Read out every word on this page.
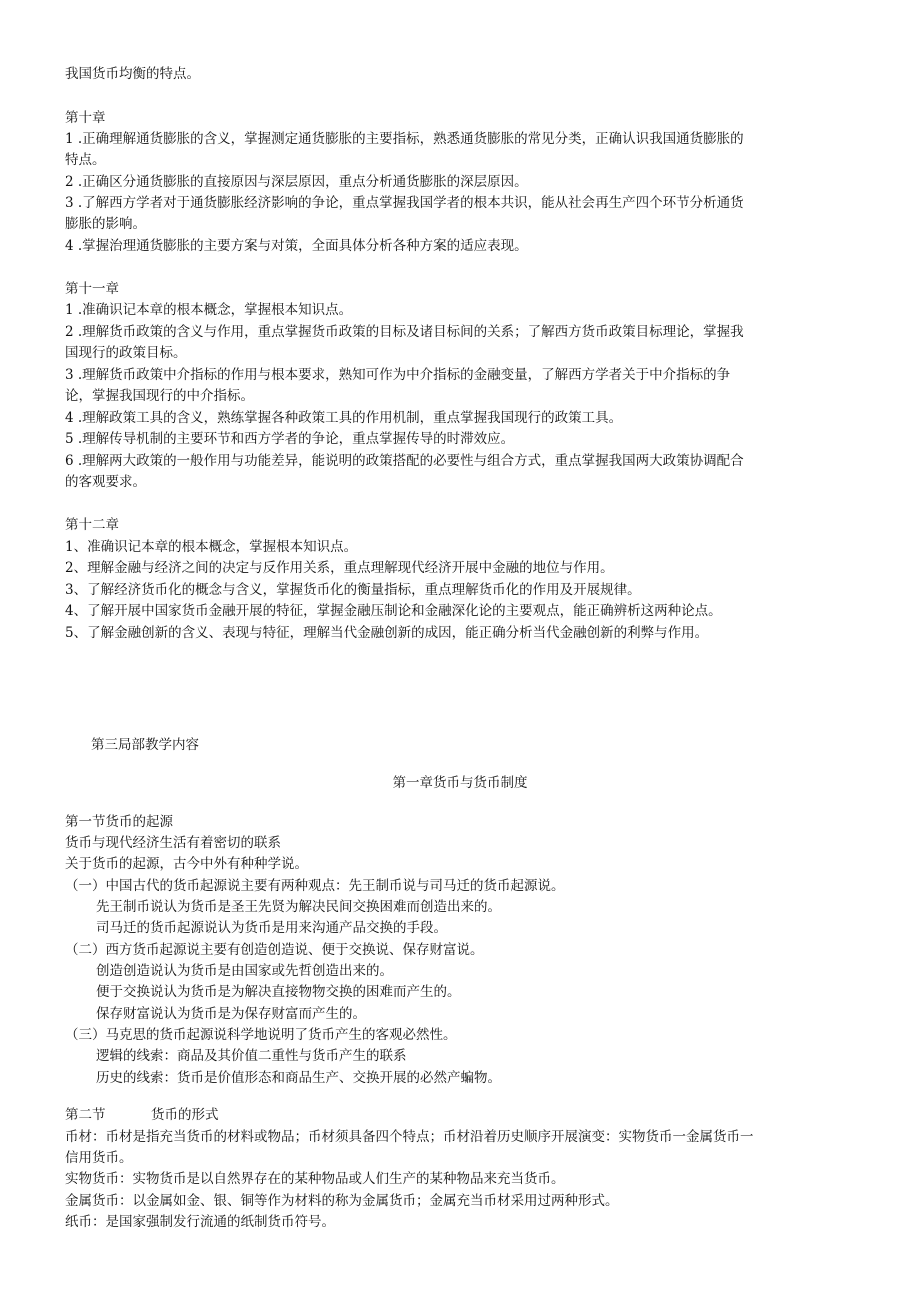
我国货币均衡的特点。
第十章
1 .正确理解通货膨胀的含义，掌握测定通货膨胀的主要指标，熟悉通货膨胀的常见分类，正确认识我国通货膨胀的
特点。
2 .正确区分通货膨胀的直接原因与深层原因，重点分析通货膨胀的深层原因。
3 .了解西方学者对于通货膨胀经济影响的争论，重点掌握我国学者的根本共识，能从社会再生产四个环节分析通货
膨胀的影响。
4 .掌握治理通货膨胀的主要方案与对策，全面具体分析各种方案的适应表现。
第十一章
1 .准确识记本章的根本概念，掌握根本知识点。
2 .理解货币政策的含义与作用，重点掌握货币政策的目标及诸目标间的关系；了解西方货币政策目标理论，掌握我
国现行的政策目标。
3 .理解货币政策中介指标的作用与根本要求，熟知可作为中介指标的金融变量，了解西方学者关于中介指标的争
论，掌握我国现行的中介指标。
4 .理解政策工具的含义，熟练掌握各种政策工具的作用机制，重点掌握我国现行的政策工具。
5 .理解传导机制的主要环节和西方学者的争论，重点掌握传导的时滞效应。
6 .理解两大政策的一般作用与功能差异，能说明的政策搭配的必要性与组合方式，重点掌握我国两大政策协调配合
的客观要求。
第十二章
1、准确识记本章的根本概念，掌握根本知识点。
2、理解金融与经济之间的决定与反作用关系，重点理解现代经济开展中金融的地位与作用。
3、了解经济货币化的概念与含义，掌握货币化的衡量指标，重点理解货币化的作用及开展规律。
4、了解开展中国家货币金融开展的特征，掌握金融压制论和金融深化论的主要观点，能正确辨析这两种论点。
5、了解金融创新的含义、表现与特征，理解当代金融创新的成因，能正确分析当代金融创新的利弊与作用。
第三局部教学内容
第一章货币与货币制度
第一节货币的起源
货币与现代经济生活有着密切的联系
关于货币的起源，古今中外有种种学说。
（一）中国古代的货币起源说主要有两种观点：先王制币说与司马迁的货币起源说。
先王制币说认为货币是圣王先贤为解决民间交换困难而创造出来的。
司马迁的货币起源说认为货币是用来沟通产品交换的手段。
（二）西方货币起源说主要有创造创造说、便于交换说、保存财富说。
创造创造说认为货币是由国家或先哲创造出来的。
便于交换说认为货币是为解决直接物物交换的困难而产生的。
保存财富说认为货币是为保存财富而产生的。
（三）马克思的货币起源说科学地说明了货币产生的客观必然性。
逻辑的线索：商品及其价值二重性与货币产生的联系
历史的线索：货币是价值形态和商品生产、交换开展的必然产蝙物。
第二节	货币的形式
币材：币材是指充当货币的材料或物品；币材须具备四个特点；币材沿着历史顺序开展演变：实物货币一金属货币一
信用货币。
实物货币：实物货币是以自然界存在的某种物品或人们生产的某种物品来充当货币。
金属货币：以金属如金、银、铜等作为材料的称为金属货币；金属充当币材采用过两种形式。
纸币：是国家强制发行流通的纸制货币符号。
